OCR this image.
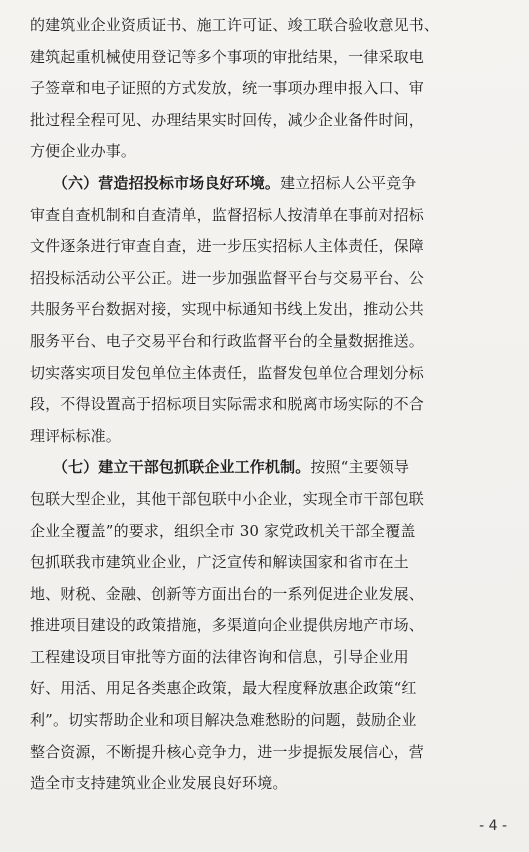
的建筑业企业资质证书、施工许可证、竣工联合验收意见书、
建筑起重机械使用登记等多个事项的审批结果，一律采取电
子签章和电子证照的方式发放，统一事项办理申报入口、审
批过程全程可见、办理结果实时回传，减少企业备件时间，
方便企业办事。

　　（六）营造招投标市场良好环境。建立招标人公平竞争
审查自查机制和自查清单，监督招标人按清单在事前对招标
文件逐条进行审查自查，进一步压实招标人主体责任，保障
招投标活动公平公正。进一步加强监督平台与交易平台、公
共服务平台数据对接，实现中标通知书线上发出，推动公共
服务平台、电子交易平台和行政监督平台的全量数据推送。
切实落实项目发包单位主体责任，监督发包单位合理划分标
段，不得设置高于招标项目实际需求和脱离市场实际的不合
理评标标准。

　　（七）建立干部包抓联企业工作机制。按照“主要领导
包联大型企业，其他干部包联中小企业，实现全市干部包联
企业全覆盖”的要求，组织全市 30 家党政机关干部全覆盖
包抓联我市建筑业企业，广泛宣传和解读国家和省市在土
地、财税、金融、创新等方面出台的一系列促进企业发展、
推进项目建设的政策措施，多渠道向企业提供房地产市场、
工程建设项目审批等方面的法律咨询和信息，引导企业用
好、用活、用足各类惠企政策，最大程度释放惠企政策“红
利”。切实帮助企业和项目解决急难愁盼的问题，鼓励企业
整合资源，不断提升核心竞争力，进一步提振发展信心，营
造全市支持建筑业企业发展良好环境。

- 4 -
